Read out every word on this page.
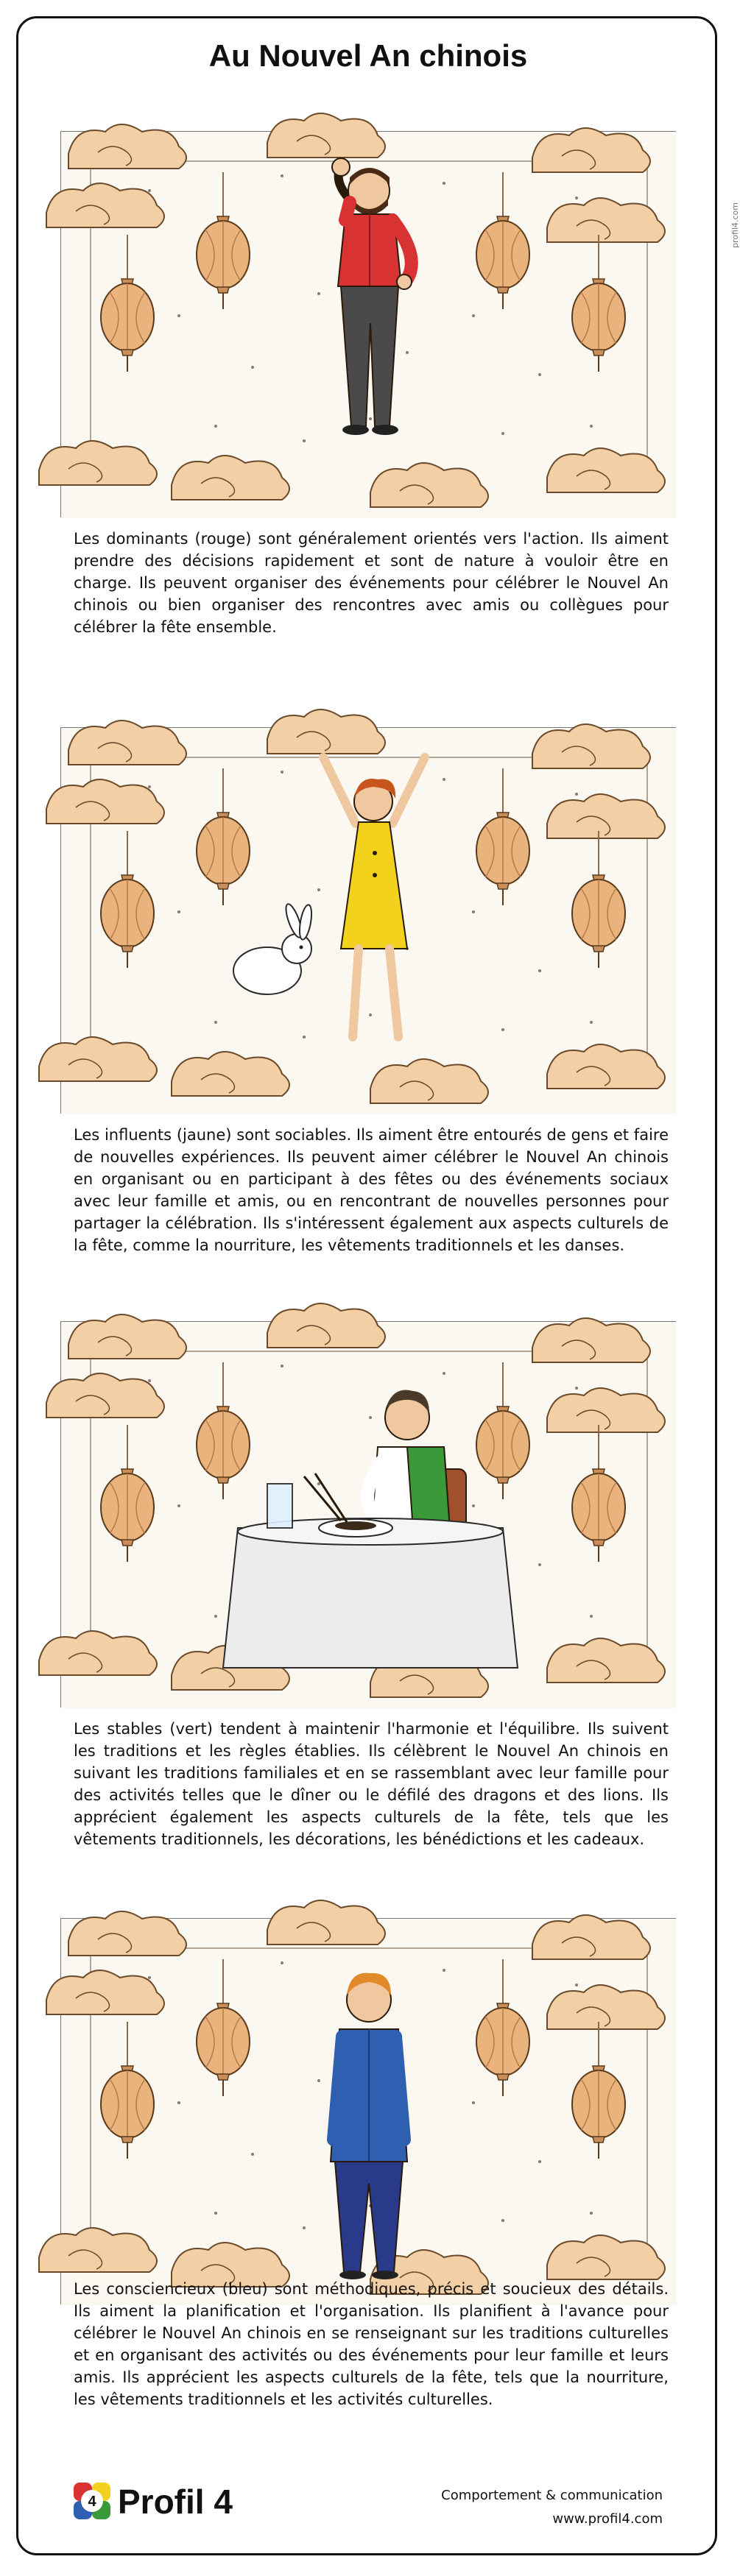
Au Nouvel An chinois
profil4.com

Les dominants (rouge) sont généralement orientés vers l'action. Ils aiment prendre des décisions rapidement et sont de nature à vouloir être en charge. Ils peuvent organiser des événements pour célébrer le Nouvel An chinois ou bien organiser des rencontres avec amis ou collègues pour célébrer la fête ensemble.

Les influents (jaune) sont sociables. Ils aiment être entourés de gens et faire de nouvelles expériences. Ils peuvent aimer célébrer le Nouvel An chinois en organisant ou en participant à des fêtes ou des événements sociaux avec leur famille et amis, ou en rencontrant de nouvelles personnes pour partager la célébration. Ils s'intéressent également aux aspects culturels de la fête, comme la nourriture, les vêtements traditionnels et les danses.

Les stables (vert) tendent à maintenir l'harmonie et l'équilibre. Ils suivent les traditions et les règles établies. Ils célèbrent le Nouvel An chinois en suivant les traditions familiales et en se rassemblant avec leur famille pour des activités telles que le dîner ou le défilé des dragons et des lions. Ils apprécient également les aspects culturels de la fête, tels que les vêtements traditionnels, les décorations, les bénédictions et les cadeaux.

Les consciencieux (bleu) sont méthodiques, précis et soucieux des détails. Ils aiment la planification et l'organisation. Ils planifient à l'avance pour célébrer le Nouvel An chinois en se renseignant sur les traditions culturelles et en organisant des activités ou des événements pour leur famille et leurs amis. Ils apprécient les aspects culturels de la fête, tels que la nourriture, les vêtements traditionnels et les activités culturelles.

4 Profil 4	Comportement & communication
www.profil4.com
